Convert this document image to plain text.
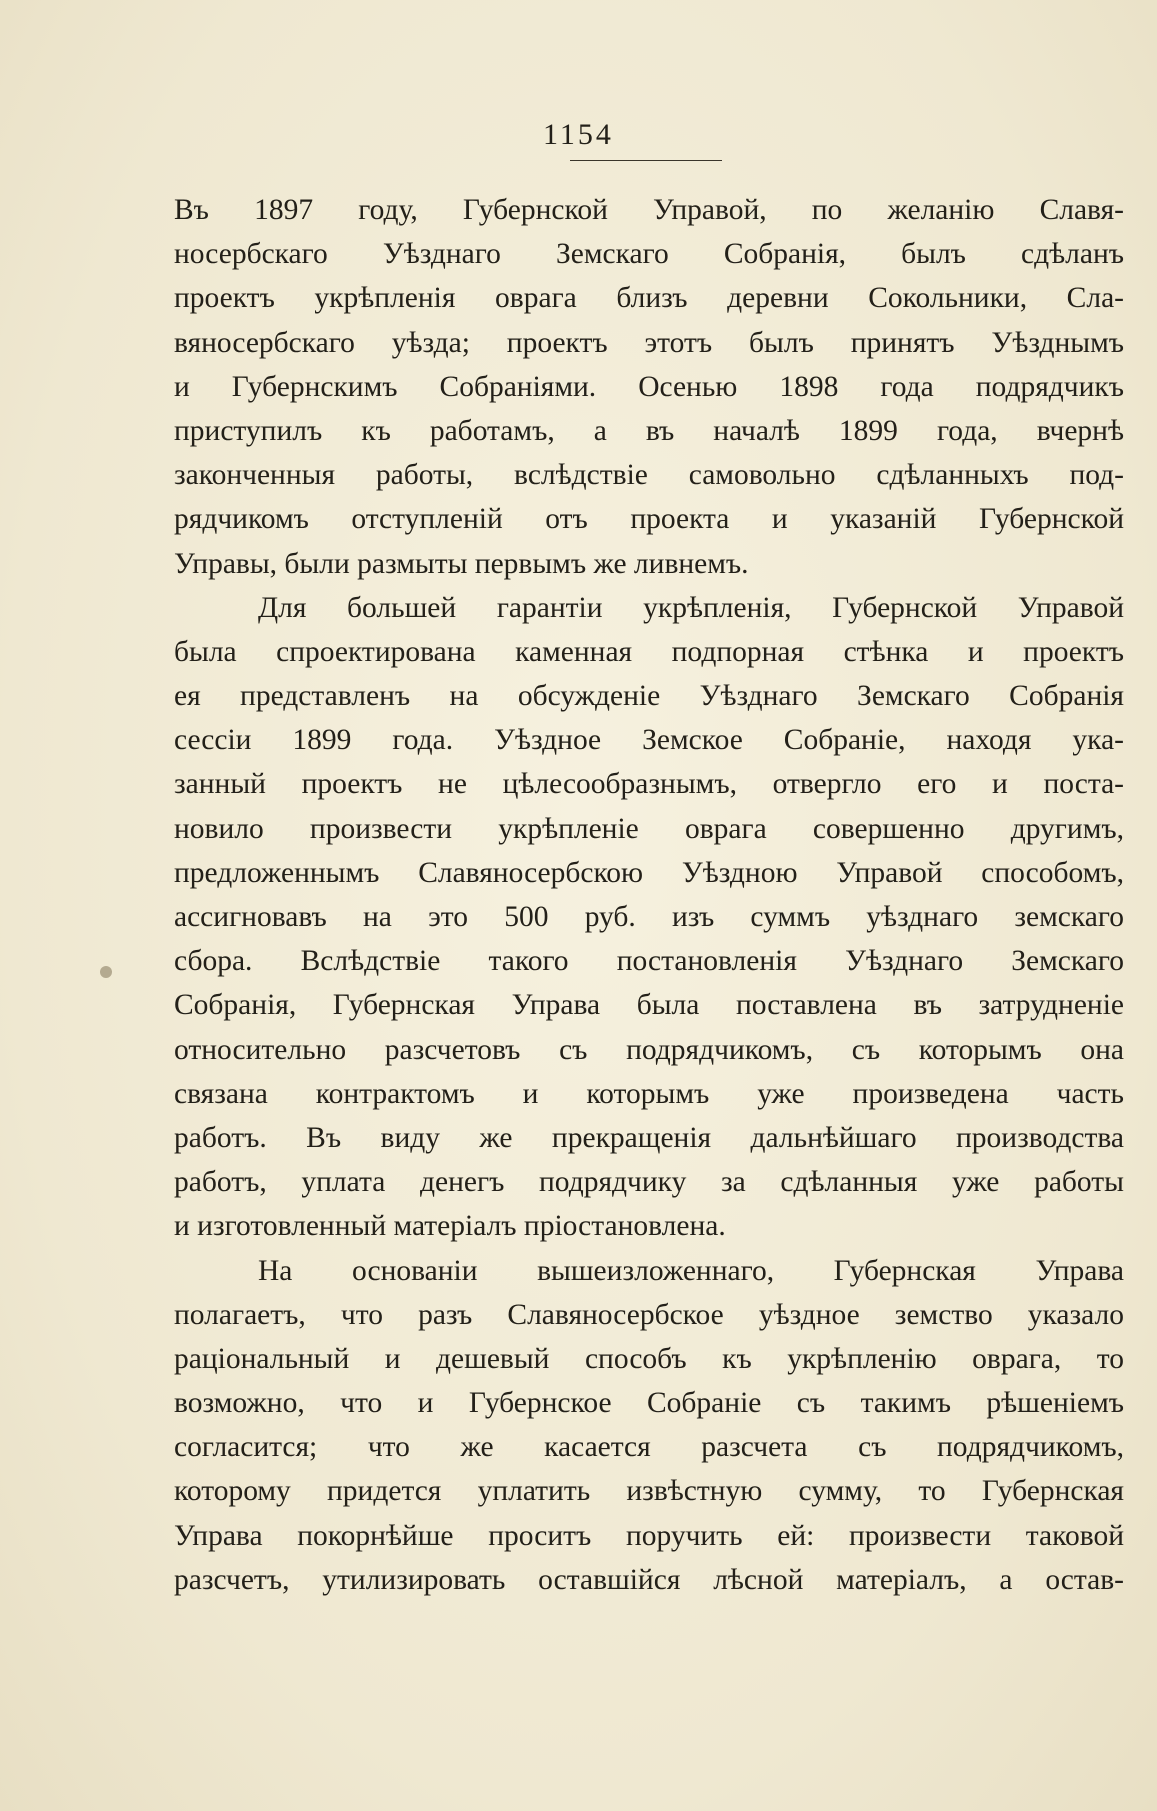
1154
Въ 1897 году, Губернской Управой, по желанію Славя-
носербскаго Уѣзднаго Земскаго Собранія, былъ сдѣланъ
проектъ укрѣпленія оврага близъ деревни Сокольники, Сла-
вяносербскаго уѣзда; проектъ этотъ былъ принятъ Уѣзднымъ
и Губернскимъ Собраніями. Осенью 1898 года подрядчикъ
приступилъ къ работамъ, а въ началѣ 1899 года, вчернѣ
законченныя работы, вслѣдствіе самовольно сдѣланныхъ под-
рядчикомъ отступленій отъ проекта и указаній Губернской
Управы, были размыты первымъ же ливнемъ.
Для большей гарантіи укрѣпленія, Губернской Управой
была спроектирована каменная подпорная стѣнка и проектъ
ея представленъ на обсужденіе Уѣзднаго Земскаго Собранія
сессіи 1899 года. Уѣздное Земское Собраніе, находя ука-
занный проектъ не цѣлесообразнымъ, отвергло его и поста-
новило произвести укрѣпленіе оврага совершенно другимъ,
предложеннымъ Славяносербскою Уѣздною Управой способомъ,
ассигновавъ на это 500 руб. изъ суммъ уѣзднаго земскаго
сбора. Вслѣдствіе такого постановленія Уѣзднаго Земскаго
Собранія, Губернская Управа была поставлена въ затрудненіе
относительно разсчетовъ съ подрядчикомъ, съ которымъ она
связана контрактомъ и которымъ уже произведена часть
работъ. Въ виду же прекращенія дальнѣйшаго производства
работъ, уплата денегъ подрядчику за сдѣланныя уже работы
и изготовленный матеріалъ пріостановлена.
На основаніи вышеизложеннаго, Губернская Управа
полагаетъ, что разъ Славяносербское уѣздное земство указало
раціональный и дешевый способъ къ укрѣпленію оврага, то
возможно, что и Губернское Собраніе съ такимъ рѣшеніемъ
согласится; что же касается разсчета съ подрядчикомъ,
которому придется уплатить извѣстную сумму, то Губернская
Управа покорнѣйше проситъ поручить ей: произвести таковой
разсчетъ, утилизировать оставшійся лѣсной матеріалъ, а остав-
